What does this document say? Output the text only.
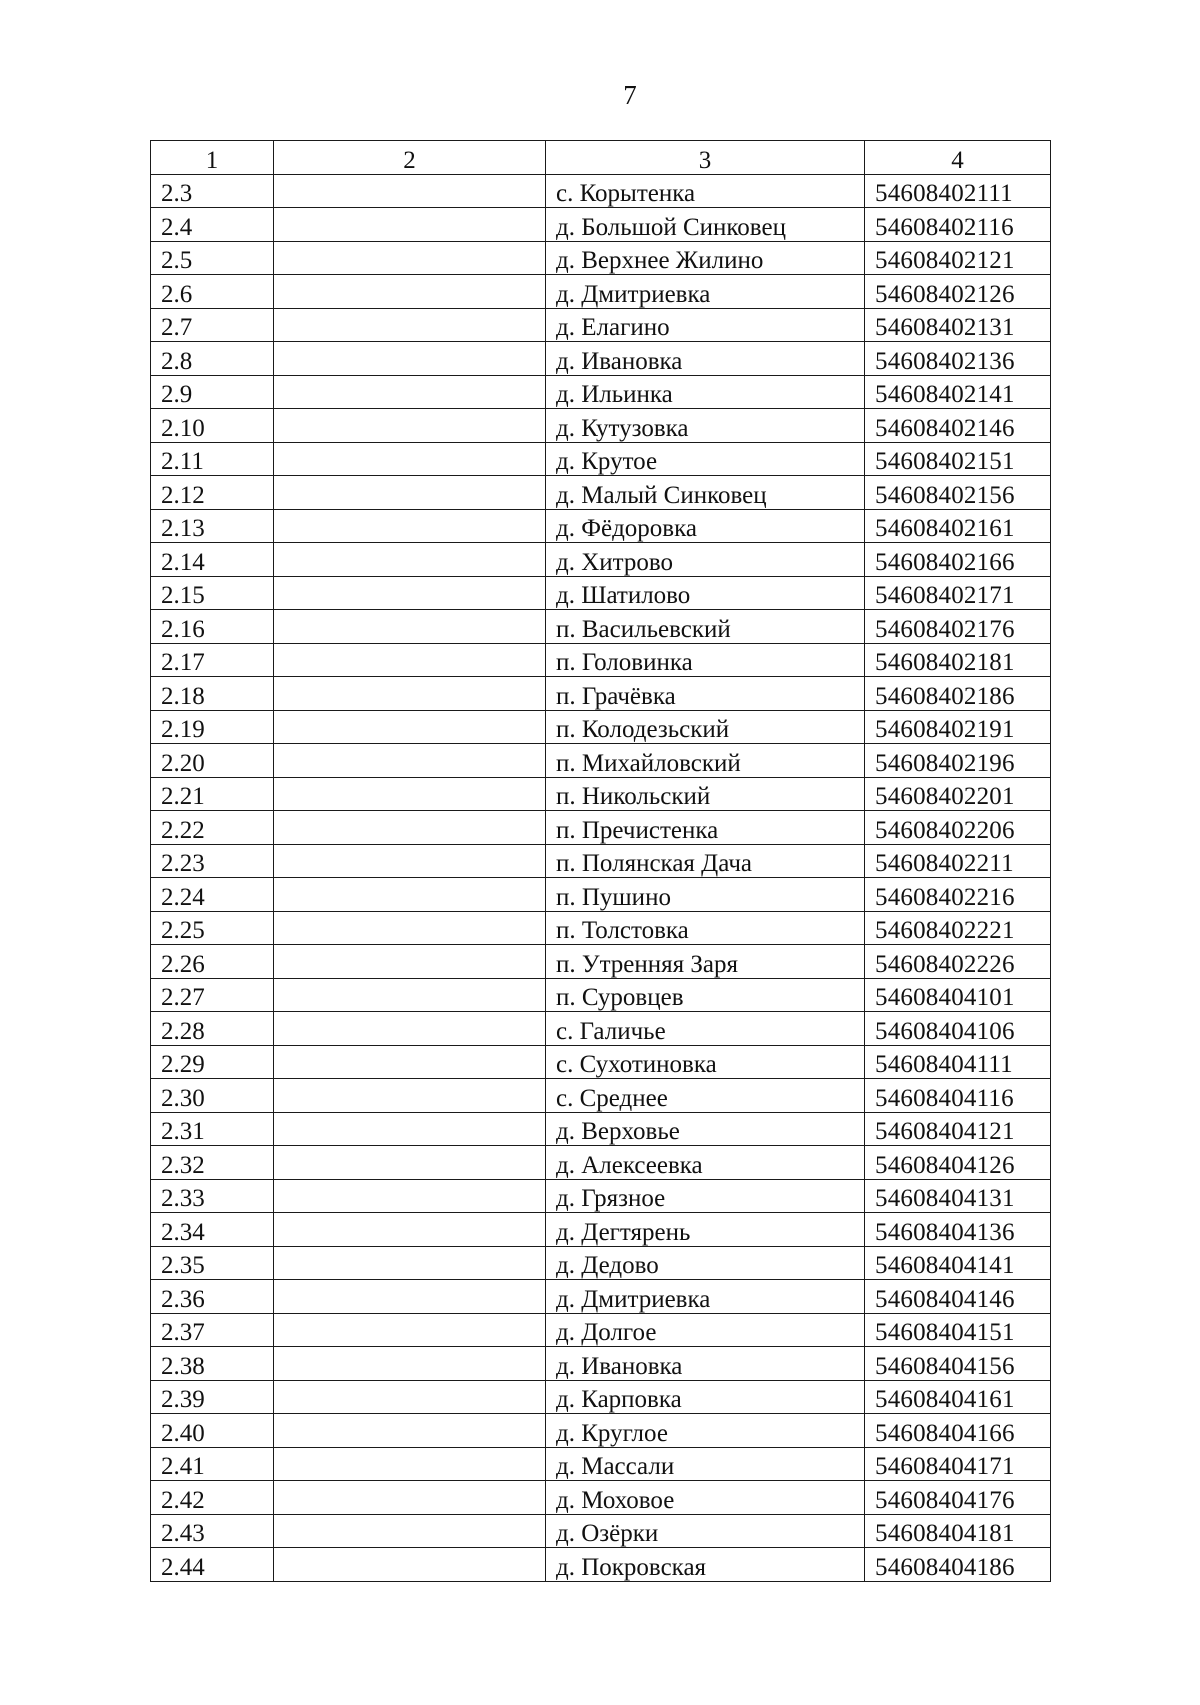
7
1	2	3	4
2.3		с. Корытенка	54608402111
2.4		д. Большой Синковец	54608402116
2.5		д. Верхнее Жилино	54608402121
2.6		д. Дмитриевка	54608402126
2.7		д. Елагино	54608402131
2.8		д. Ивановка	54608402136
2.9		д. Ильинка	54608402141
2.10		д. Кутузовка	54608402146
2.11		д. Крутое	54608402151
2.12		д. Малый Синковец	54608402156
2.13		д. Фёдоровка	54608402161
2.14		д. Хитрово	54608402166
2.15		д. Шатилово	54608402171
2.16		п. Васильевский	54608402176
2.17		п. Головинка	54608402181
2.18		п. Грачёвка	54608402186
2.19		п. Колодезьский	54608402191
2.20		п. Михайловский	54608402196
2.21		п. Никольский	54608402201
2.22		п. Пречистенка	54608402206
2.23		п. Полянская Дача	54608402211
2.24		п. Пушино	54608402216
2.25		п. Толстовка	54608402221
2.26		п. Утренняя Заря	54608402226
2.27		п. Суровцев	54608404101
2.28		с. Галичье	54608404106
2.29		с. Сухотиновка	54608404111
2.30		с. Среднее	54608404116
2.31		д. Верховье	54608404121
2.32		д. Алексеевка	54608404126
2.33		д. Грязное	54608404131
2.34		д. Дегтярень	54608404136
2.35		д. Дедово	54608404141
2.36		д. Дмитриевка	54608404146
2.37		д. Долгое	54608404151
2.38		д. Ивановка	54608404156
2.39		д. Карповка	54608404161
2.40		д. Круглое	54608404166
2.41		д. Массали	54608404171
2.42		д. Моховое	54608404176
2.43		д. Озёрки	54608404181
2.44		д. Покровская	54608404186
